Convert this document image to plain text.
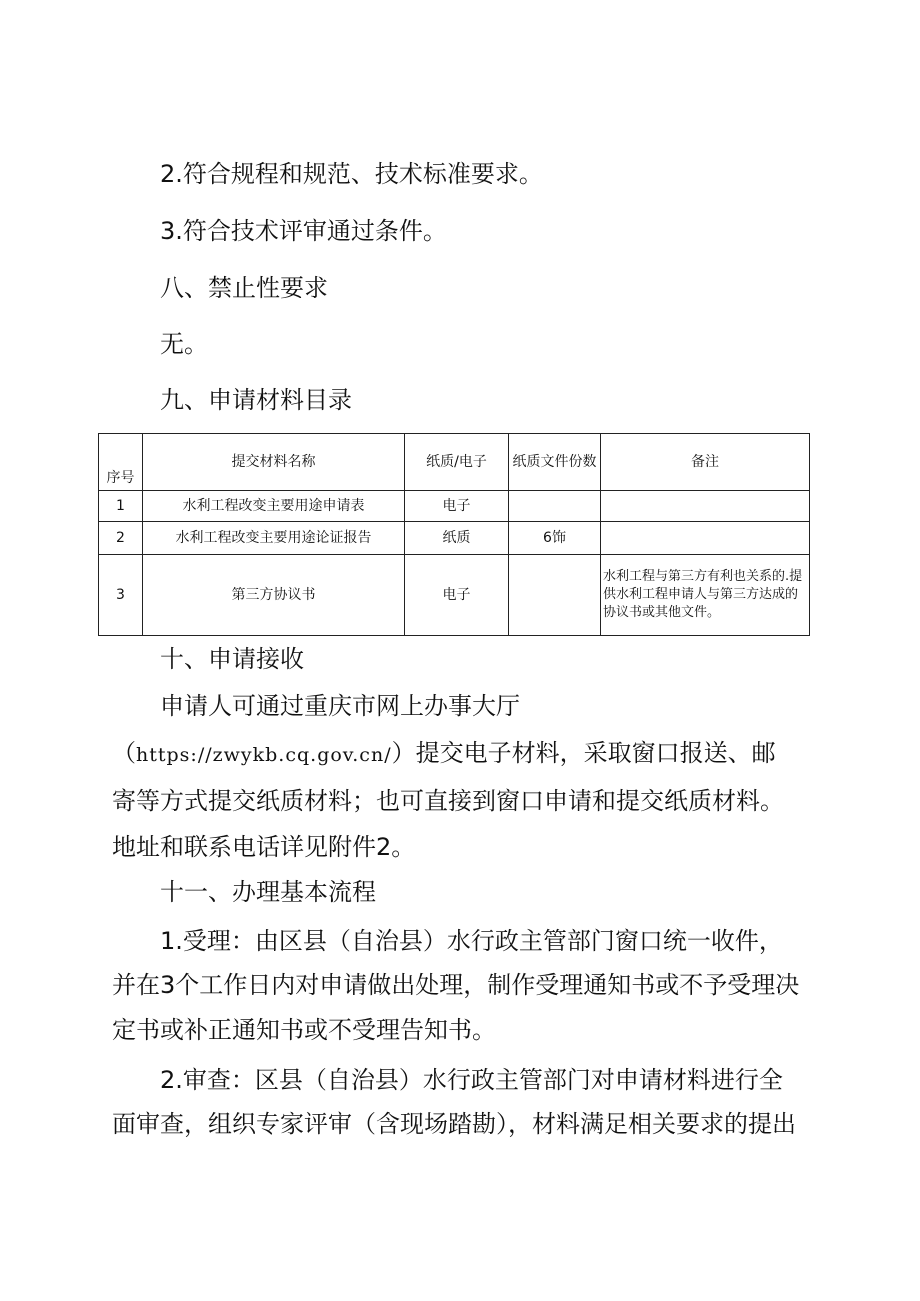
2.符合规程和规范、技术标准要求。
3.符合技术评审通过条件。
八、禁止性要求
无。
九、申请材料目录
序号	提交材料名称	纸质/电子	纸质文件份数	备注
1	水利工程改变主要用途申请表	电子		
2	水利工程改变主要用途论证报告	纸质	6饰	
3	第三方协议书	电子		水利工程与第三方有利也关系的.提供水利工程申请人与第三方达成的协议书或其他文件。
十、申请接收
申请人可通过重庆市网上办事大厅
（https://zwykb.cq.gov.cn/）提交电子材料，采取窗口报送、邮
寄等方式提交纸质材料；也可直接到窗口申请和提交纸质材料。
地址和联系电话详见附件2。
十一、办理基本流程
1.受理：由区县（自治县）水行政主管部门窗口统一收件，
并在3个工作日内对申请做出处理，制作受理通知书或不予受理决
定书或补正通知书或不受理告知书。
2.审查：区县（自治县）水行政主管部门对申请材料进行全
面审查，组织专家评审（含现场踏勘），材料满足相关要求的提出
